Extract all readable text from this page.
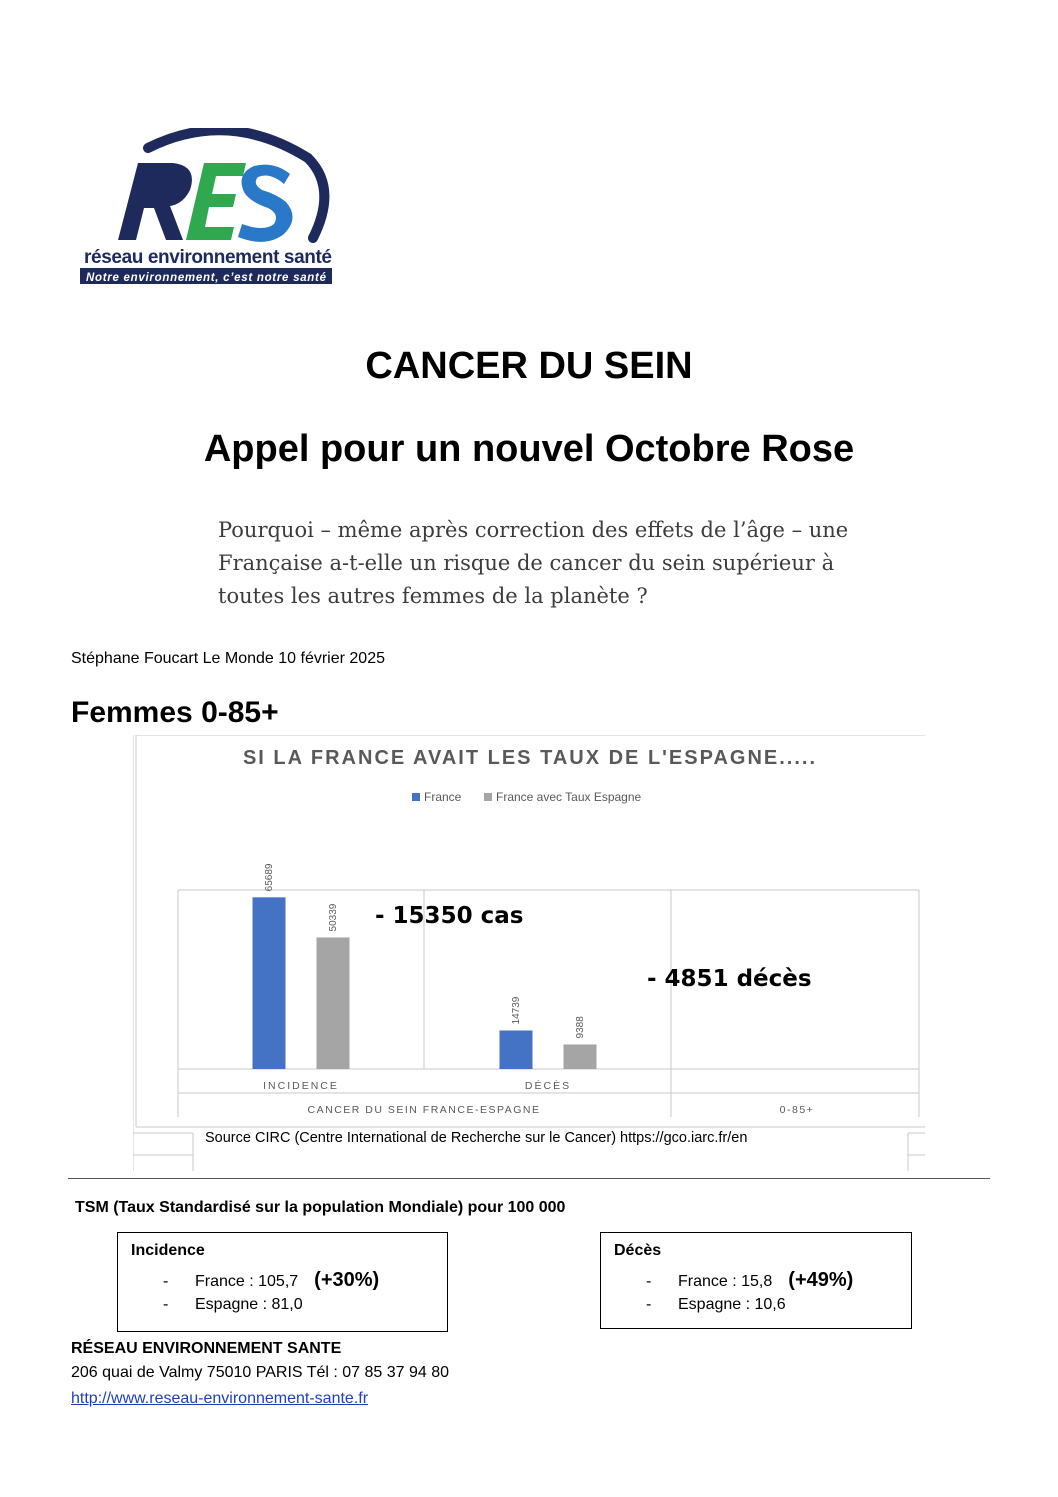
réseau environnement santé
Notre environnement, c’est notre santé
CANCER DU SEIN
Appel pour un nouvel Octobre Rose
Pourquoi – même après correction des effets de l’âge – une
Française a-t-elle un risque de cancer du sein supérieur à
toutes les autres femmes de la planète ?
Stéphane Foucart Le Monde 10 février 2025
Femmes 0-85+
SI LA FRANCE AVAIT LES TAUX DE L'ESPAGNE.....
France	France avec Taux Espagne
65689
50339
14739
9388
INCIDENCE	DÉCÈS
CANCER DU SEIN FRANCE-ESPAGNE	0-85+
- 15350 cas
- 4851 décès
Source CIRC (Centre International de Recherche sur le Cancer) https://gco.iarc.fr/en
TSM (Taux Standardisé sur la population Mondiale) pour 100 000
Incidence
- France : 105,7 (+30%)
- Espagne : 81,0
Décès
- France : 15,8 (+49%)
- Espagne : 10,6
RÉSEAU ENVIRONNEMENT SANTE
206 quai de Valmy 75010 PARIS Tél : 07 85 37 94 80
http://www.reseau-environnement-sante.fr
